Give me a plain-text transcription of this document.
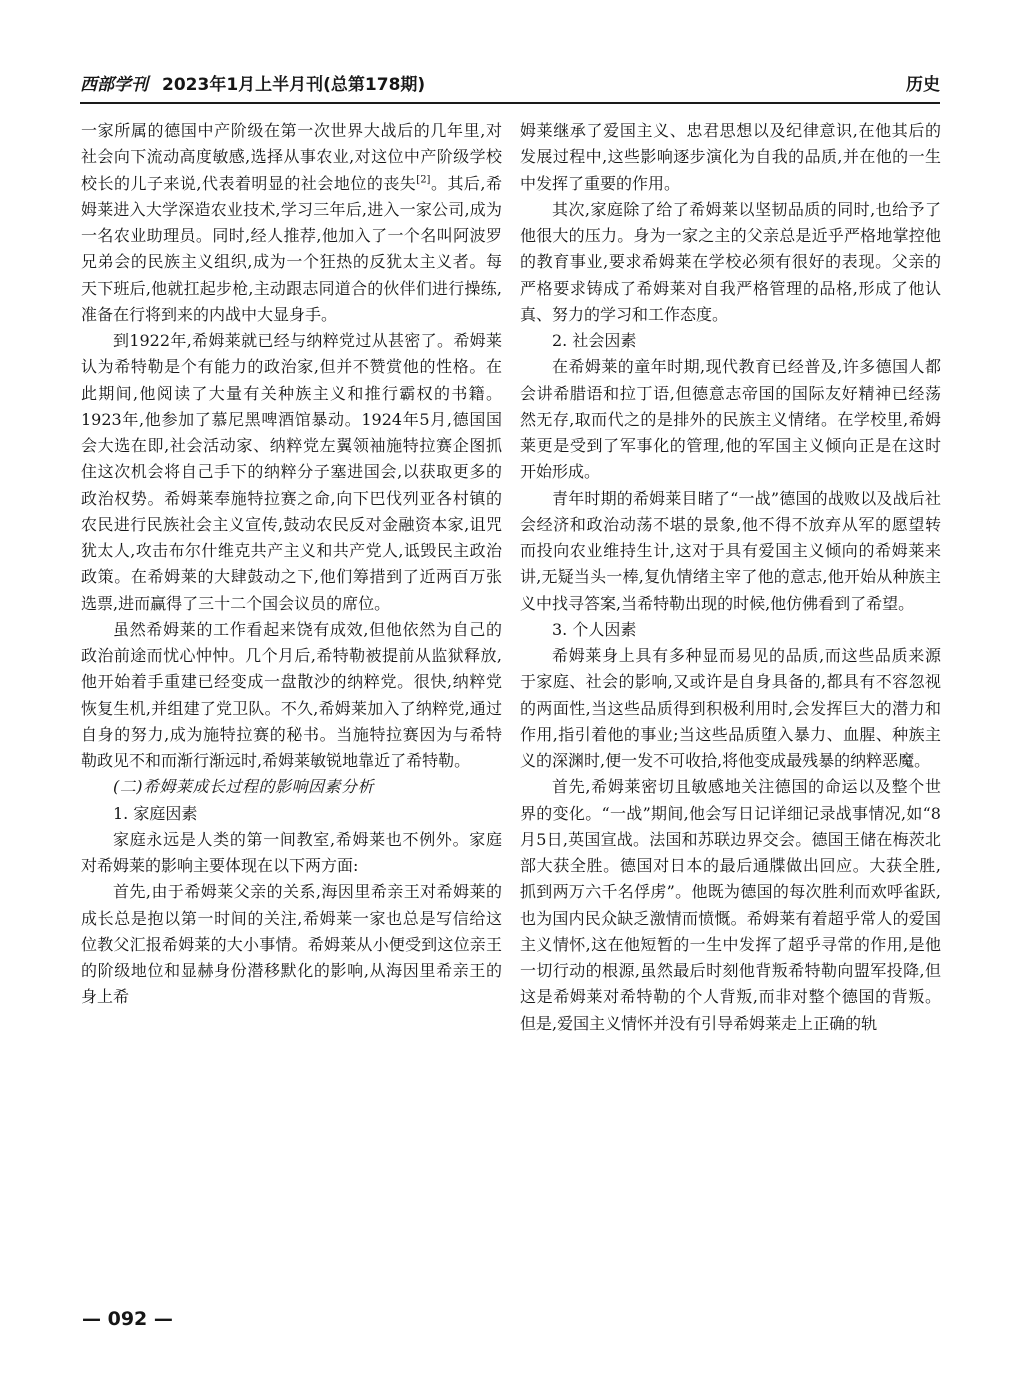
西部学刊 2023年1月上半月刊(总第178期)	历史

一家所属的德国中产阶级在第一次世界大战后的几年里,对社会向下流动高度敏感,选择从事农业,对这位中产阶级学校校长的儿子来说,代表着明显的社会地位的丧失[2]。其后,希姆莱进入大学深造农业技术,学习三年后,进入一家公司,成为一名农业助理员。同时,经人推荐,他加入了一个名叫阿波罗兄弟会的民族主义组织,成为一个狂热的反犹太主义者。每天下班后,他就扛起步枪,主动跟志同道合的伙伴们进行操练,准备在行将到来的内战中大显身手。

到1922年,希姆莱就已经与纳粹党过从甚密了。希姆莱认为希特勒是个有能力的政治家,但并不赞赏他的性格。在此期间,他阅读了大量有关种族主义和推行霸权的书籍。1923年,他参加了慕尼黑啤酒馆暴动。1924年5月,德国国会大选在即,社会活动家、纳粹党左翼领袖施特拉赛企图抓住这次机会将自己手下的纳粹分子塞进国会,以获取更多的政治权势。希姆莱奉施特拉赛之命,向下巴伐列亚各村镇的农民进行民族社会主义宣传,鼓动农民反对金融资本家,诅咒犹太人,攻击布尔什维克共产主义和共产党人,诋毁民主政治政策。在希姆莱的大肆鼓动之下,他们筹措到了近两百万张选票,进而赢得了三十二个国会议员的席位。

虽然希姆莱的工作看起来饶有成效,但他依然为自己的政治前途而忧心忡忡。几个月后,希特勒被提前从监狱释放,他开始着手重建已经变成一盘散沙的纳粹党。很快,纳粹党恢复生机,并组建了党卫队。不久,希姆莱加入了纳粹党,通过自身的努力,成为施特拉赛的秘书。当施特拉赛因为与希特勒政见不和而渐行渐远时,希姆莱敏锐地靠近了希特勒。

(二)希姆莱成长过程的影响因素分析

1. 家庭因素

家庭永远是人类的第一间教室,希姆莱也不例外。家庭对希姆莱的影响主要体现在以下两方面:

首先,由于希姆莱父亲的关系,海因里希亲王对希姆莱的成长总是抱以第一时间的关注,希姆莱一家也总是写信给这位教父汇报希姆莱的大小事情。希姆莱从小便受到这位亲王的阶级地位和显赫身份潜移默化的影响,从海因里希亲王的身上希

姆莱继承了爱国主义、忠君思想以及纪律意识,在他其后的发展过程中,这些影响逐步演化为自我的品质,并在他的一生中发挥了重要的作用。

其次,家庭除了给了希姆莱以坚韧品质的同时,也给予了他很大的压力。身为一家之主的父亲总是近乎严格地掌控他的教育事业,要求希姆莱在学校必须有很好的表现。父亲的严格要求铸成了希姆莱对自我严格管理的品格,形成了他认真、努力的学习和工作态度。

2. 社会因素

在希姆莱的童年时期,现代教育已经普及,许多德国人都会讲希腊语和拉丁语,但德意志帝国的国际友好精神已经荡然无存,取而代之的是排外的民族主义情绪。在学校里,希姆莱更是受到了军事化的管理,他的军国主义倾向正是在这时开始形成。

青年时期的希姆莱目睹了“一战”德国的战败以及战后社会经济和政治动荡不堪的景象,他不得不放弃从军的愿望转而投向农业维持生计,这对于具有爱国主义倾向的希姆莱来讲,无疑当头一棒,复仇情绪主宰了他的意志,他开始从种族主义中找寻答案,当希特勒出现的时候,他仿佛看到了希望。

3. 个人因素

希姆莱身上具有多种显而易见的品质,而这些品质来源于家庭、社会的影响,又或许是自身具备的,都具有不容忽视的两面性,当这些品质得到积极利用时,会发挥巨大的潜力和作用,指引着他的事业;当这些品质堕入暴力、血腥、种族主义的深渊时,便一发不可收拾,将他变成最残暴的纳粹恶魔。

首先,希姆莱密切且敏感地关注德国的命运以及整个世界的变化。“一战”期间,他会写日记详细记录战事情况,如“8月5日,英国宣战。法国和苏联边界交会。德国王储在梅茨北部大获全胜。德国对日本的最后通牒做出回应。大获全胜,抓到两万六千名俘虏”。他既为德国的每次胜利而欢呼雀跃,也为国内民众缺乏激情而愤慨。希姆莱有着超乎常人的爱国主义情怀,这在他短暂的一生中发挥了超乎寻常的作用,是他一切行动的根源,虽然最后时刻他背叛希特勒向盟军投降,但这是希姆莱对希特勒的个人背叛,而非对整个德国的背叛。但是,爱国主义情怀并没有引导希姆莱走上正确的轨

— 092 —
